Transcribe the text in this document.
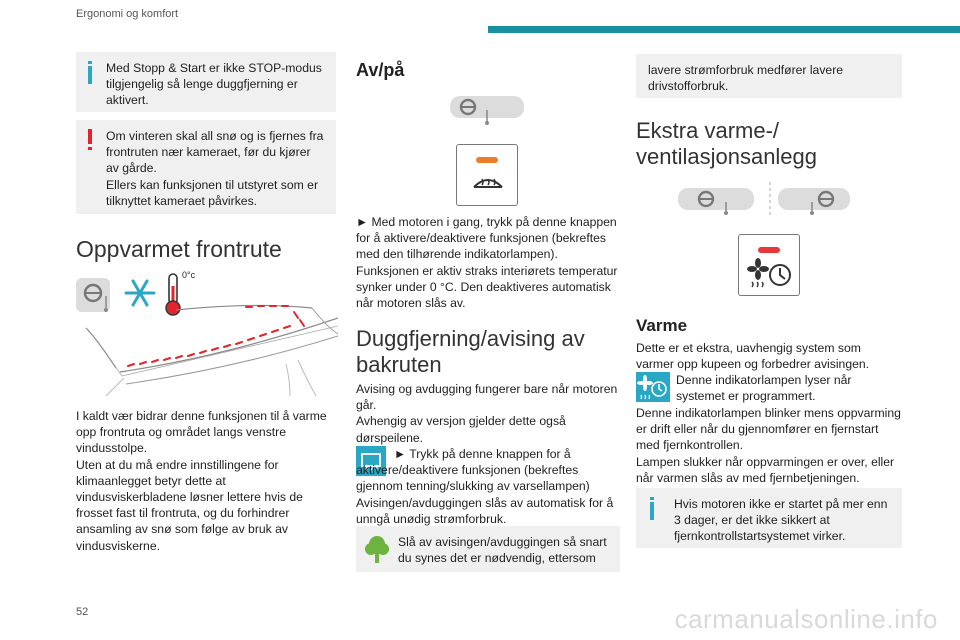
Ergonomi og komfort

Med Stopp & Start er ikke STOP-modus tilgjengelig så lenge duggfjerning er aktivert.

Om vinteren skal all snø og is fjernes fra frontruten nær kameraet, før du kjører av gårde.
Ellers kan funksjonen til utstyret som er tilknyttet kameraet påvirkes.

Oppvarmet frontrute
0°c
I kaldt vær bidrar denne funksjonen til å varme opp frontruta og området langs venstre vindusstolpe.
Uten at du må endre innstillingene for klimaanlegget betyr dette at vindusviskerbladene løsner lettere hvis de frosset fast til frontruta, og du forhindrer ansamling av snø som følge av bruk av vindusviskerne.
Av/på
► Med motoren i gang, trykk på denne knappen for å aktivere/deaktivere funksjonen (bekreftes med den tilhørende indikatorlampen).
Funksjonen er aktiv straks interiørets temperatur synker under 0 °C. Den deaktiveres automatisk når motoren slås av.
Duggfjerning/avising av bakruten
Avising og avdugging fungerer bare når motoren går.
Avhengig av versjon gjelder dette også dørspeilene.
► Trykk på denne knappen for å aktivere/deaktivere funksjonen (bekreftes gjennom tenning/slukking av varsellampen)
Avisingen/avduggingen slås av automatisk for å unngå unødig strømforbruk.

Slå av avisingen/avduggingen så snart du synes det er nødvendig, ettersom

lavere strømforbruk medfører lavere drivstofforbruk.

Ekstra varme-/ ventilasjonsanlegg
Varme
Dette er et ekstra, uavhengig system som varmer opp kupeen og forbedrer avisingen.
Denne indikatorlampen lyser når systemet er programmert.
Denne indikatorlampen blinker mens oppvarming er drift eller når du gjennomfører en fjernstart med fjernkontrollen.
Lampen slukker når oppvarmingen er over, eller når varmen slås av med fjernbetjeningen.

Hvis motoren ikke er startet på mer enn 3 dager, er det ikke sikkert at fjernkontrollstartsystemet virker.

52	carmanualsonline.info
